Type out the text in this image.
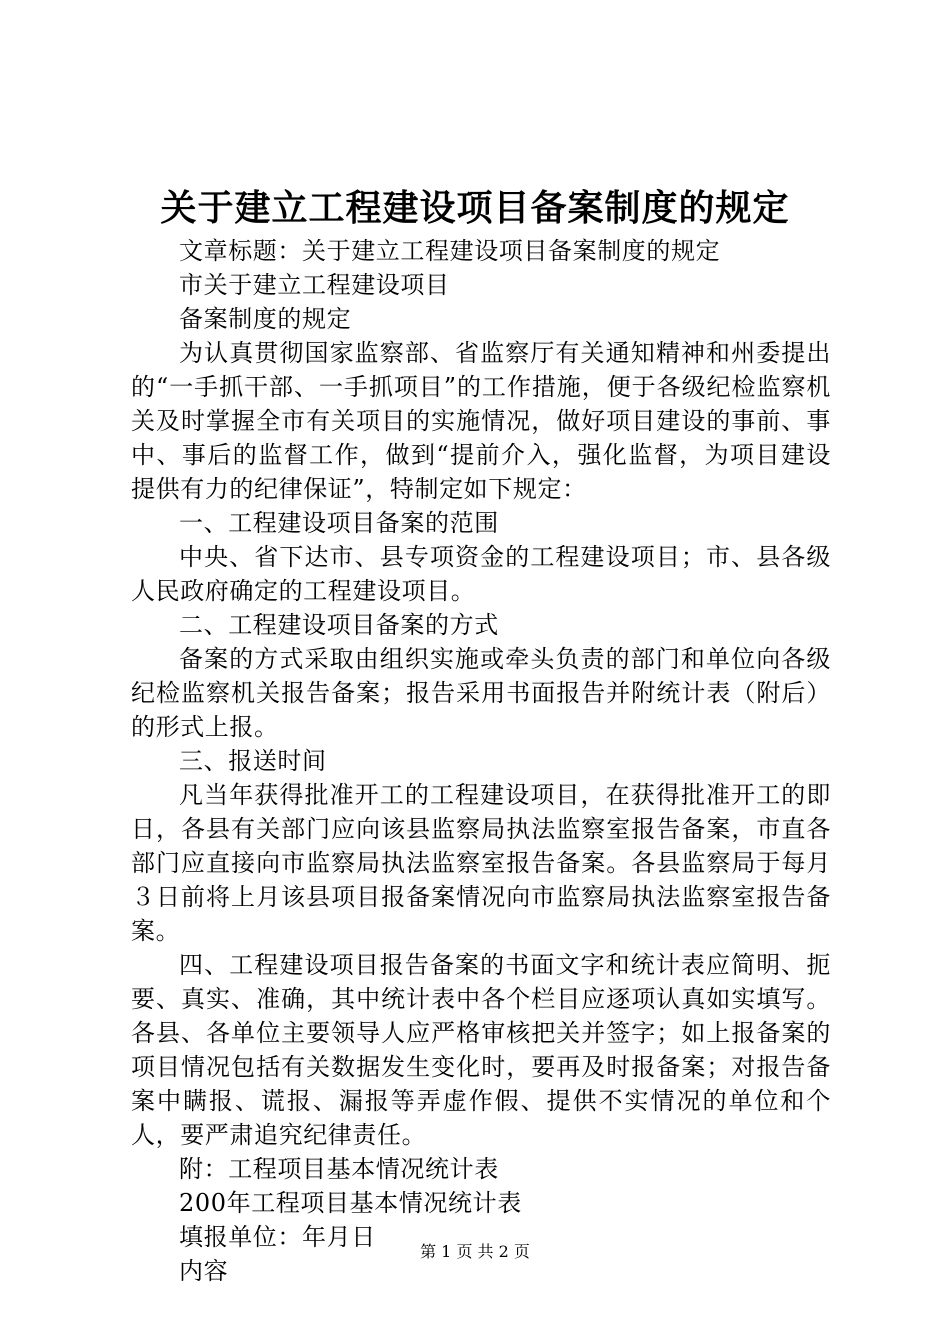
关于建立工程建设项目备案制度的规定

文章标题：关于建立工程建设项目备案制度的规定

市关于建立工程建设项目

备案制度的规定

为认真贯彻国家监察部、省监察厅有关通知精神和州委提出的“一手抓干部、一手抓项目”的工作措施，便于各级纪检监察机关及时掌握全市有关项目的实施情况，做好项目建设的事前、事中、事后的监督工作，做到“提前介入，强化监督，为项目建设提供有力的纪律保证”，特制定如下规定：

一、工程建设项目备案的范围

中央、省下达市、县专项资金的工程建设项目；市、县各级人民政府确定的工程建设项目。

二、工程建设项目备案的方式

备案的方式采取由组织实施或牵头负责的部门和单位向各级纪检监察机关报告备案；报告采用书面报告并附统计表（附后）的形式上报。

三、报送时间

凡当年获得批准开工的工程建设项目，在获得批准开工的即日，各县有关部门应向该县监察局执法监察室报告备案，市直各部门应直接向市监察局执法监察室报告备案。各县监察局于每月３日前将上月该县项目报备案情况向市监察局执法监察室报告备案。

四、工程建设项目报告备案的书面文字和统计表应简明、扼要、真实、准确，其中统计表中各个栏目应逐项认真如实填写。各县、各单位主要领导人应严格审核把关并签字；如上报备案的项目情况包括有关数据发生变化时，要再及时报备案；对报告备案中瞒报、谎报、漏报等弄虚作假、提供不实情况的单位和个人，要严肃追究纪律责任。

附：工程项目基本情况统计表

200年工程项目基本情况统计表

填报单位：年月日

内容

第 1 页 共 2 页
